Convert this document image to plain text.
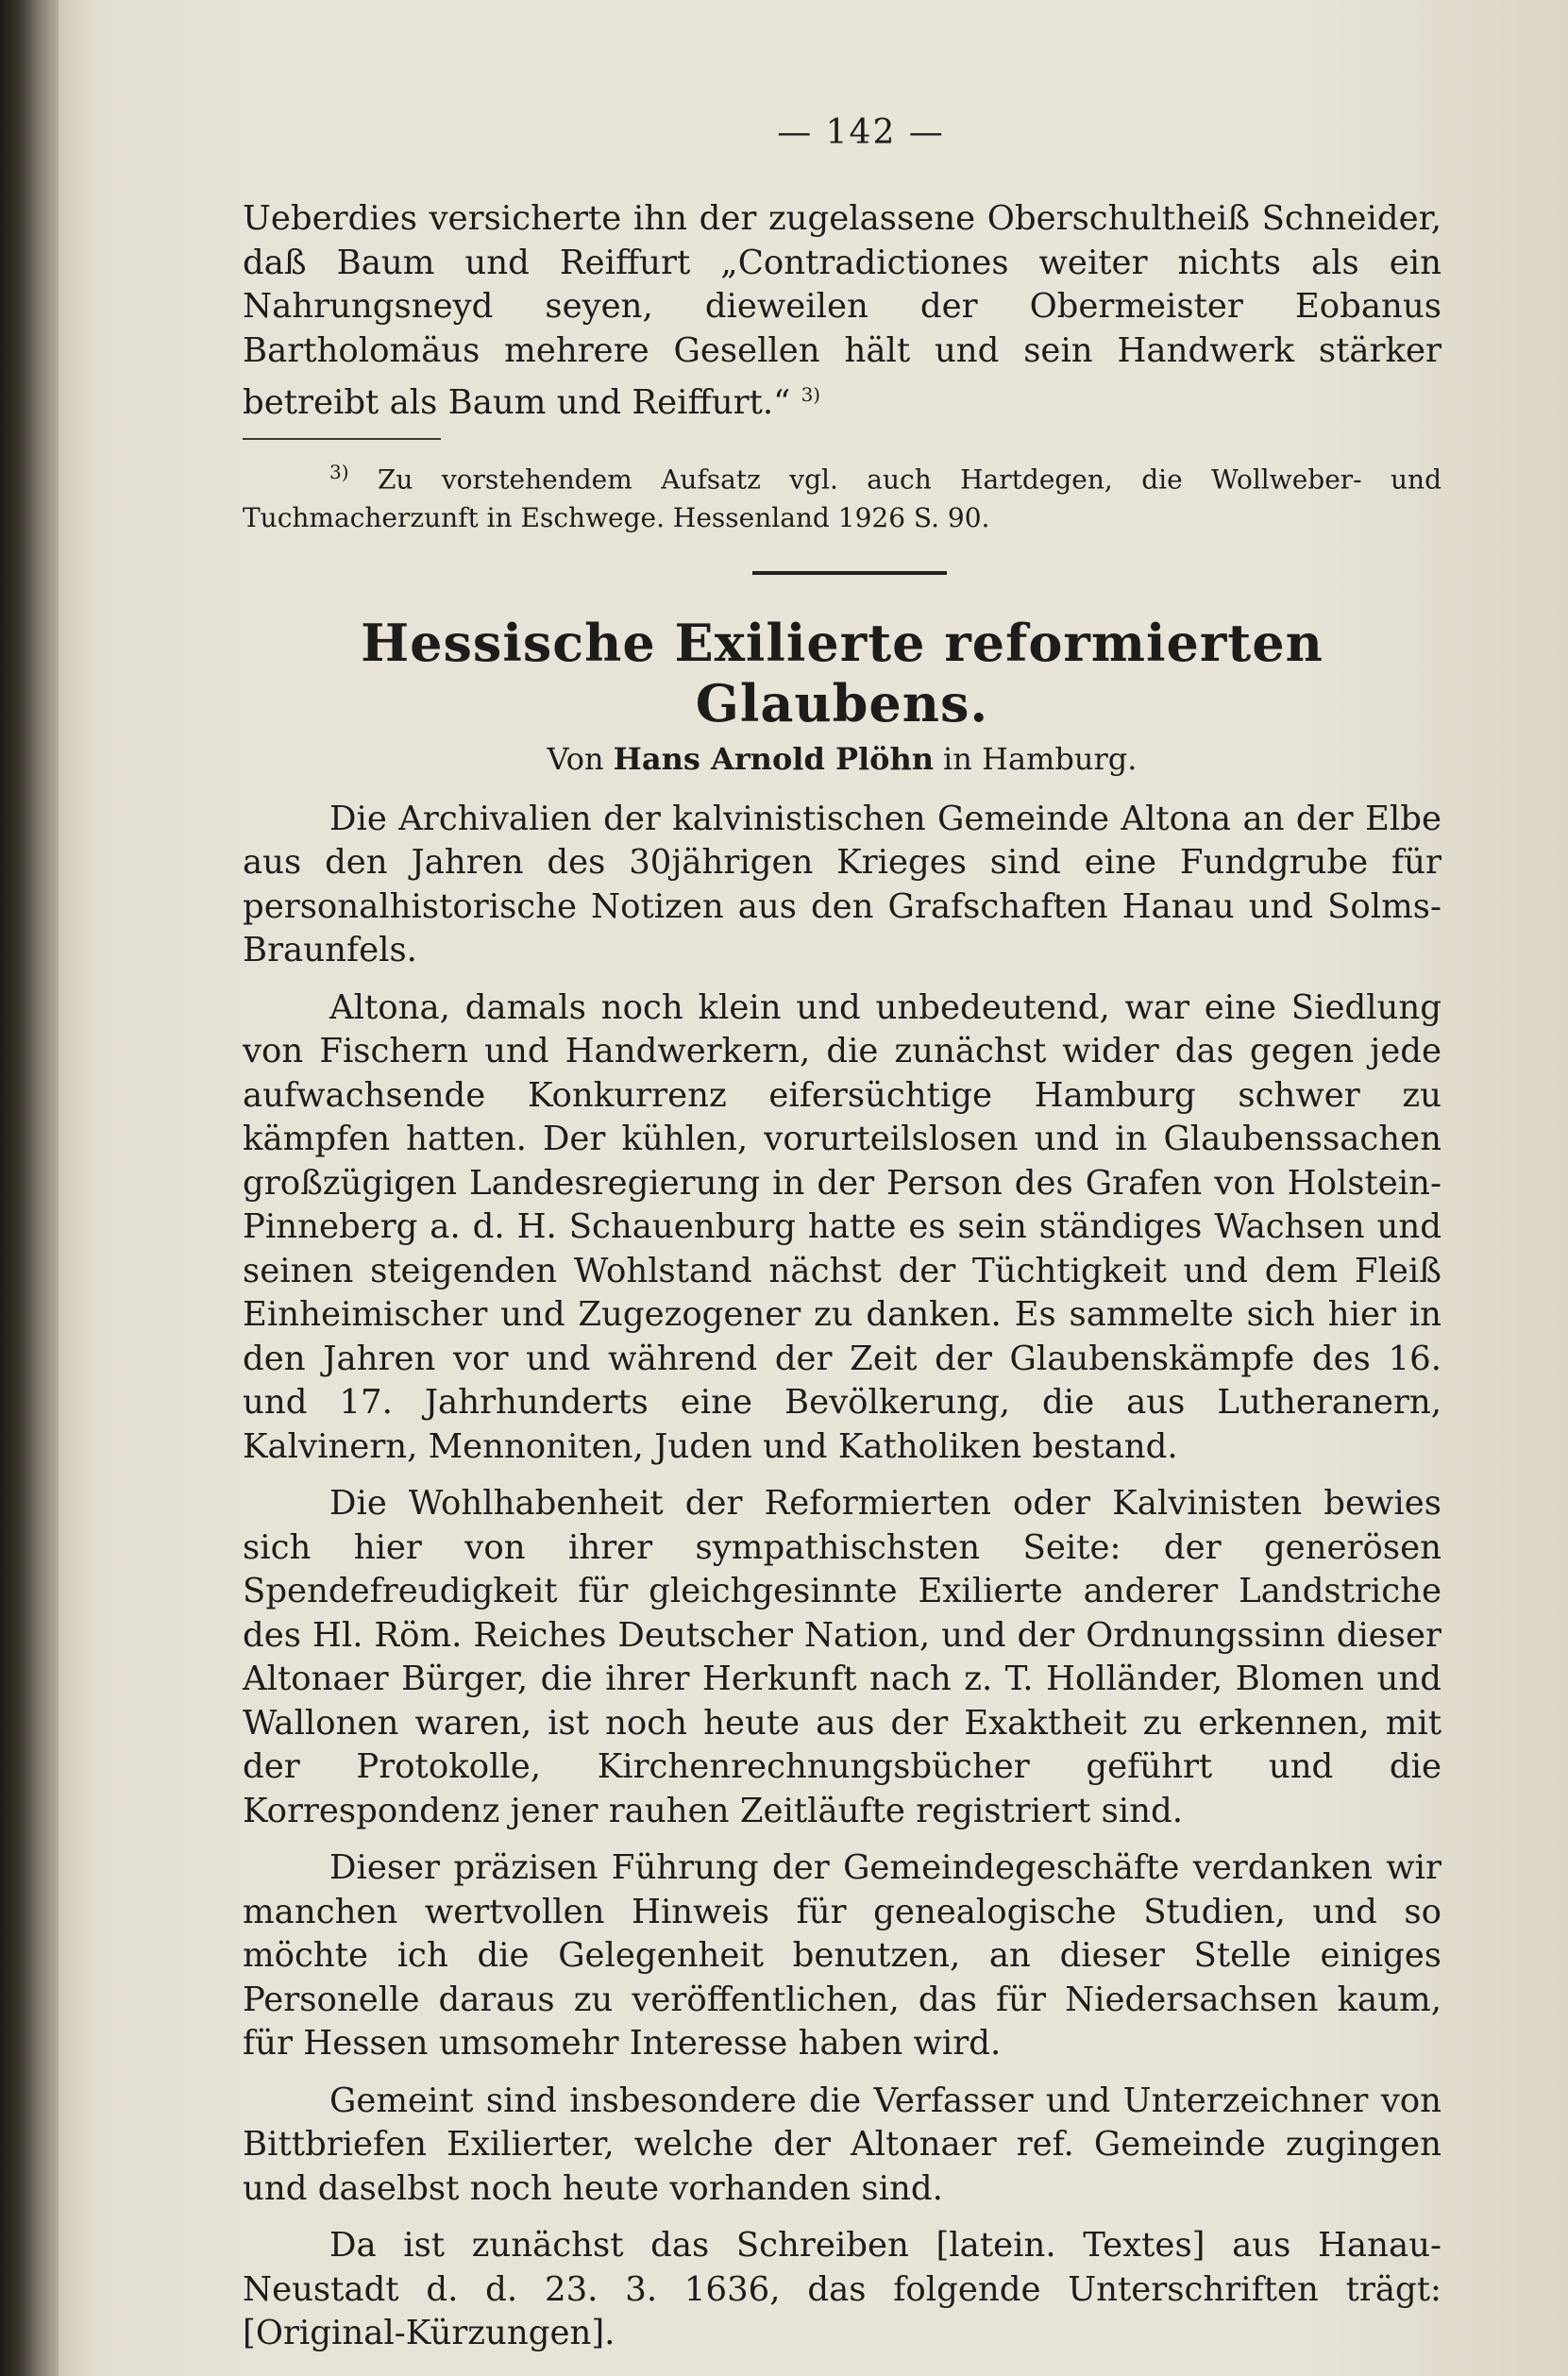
— 142 —

Ueberdies versicherte ihn der zugelassene Oberschultheiß Schneider, daß Baum und Reiffurt „Contradictiones weiter nichts als ein Nahrungsneyd seyen, dieweilen der Obermeister Eobanus Bartholomäus mehrere Gesellen hält und sein Handwerk stärker betreibt als Baum und Reiffurt.“ $^{3)}$

$^{3)}$ Zu vorstehendem Aufsatz vgl. auch Hartdegen, die Wollweber- und Tuchmacherzunft in Eschwege. Hessenland 1926 S. 90.

Hessische Exilierte reformierten Glaubens.
Von Hans Arnold Plöhn in Hamburg.

Die Archivalien der kalvinistischen Gemeinde Altona an der Elbe aus den Jahren des 30jährigen Krieges sind eine Fundgrube für personalhistorische Notizen aus den Grafschaften Hanau und Solms-Braunfels.

Altona, damals noch klein und unbedeutend, war eine Siedlung von Fischern und Handwerkern, die zunächst wider das gegen jede aufwachsende Konkurrenz eifersüchtige Hamburg schwer zu kämpfen hatten. Der kühlen, vorurteilslosen und in Glaubenssachen großzügigen Landesregierung in der Person des Grafen von Holstein-Pinneberg a. d. H. Schauenburg hatte es sein ständiges Wachsen und seinen steigenden Wohlstand nächst der Tüchtigkeit und dem Fleiß Einheimischer und Zugezogener zu danken. Es sammelte sich hier in den Jahren vor und während der Zeit der Glaubenskämpfe des 16. und 17. Jahrhunderts eine Bevölkerung, die aus Lutheranern, Kalvinern, Mennoniten, Juden und Katholiken bestand.

Die Wohlhabenheit der Reformierten oder Kalvinisten bewies sich hier von ihrer sympathischsten Seite: der generösen Spendefreudigkeit für gleichgesinnte Exilierte anderer Landstriche des Hl. Röm. Reiches Deutscher Nation, und der Ordnungssinn dieser Altonaer Bürger, die ihrer Herkunft nach z. T. Holländer, Blomen und Wallonen waren, ist noch heute aus der Exaktheit zu erkennen, mit der Protokolle, Kirchenrechnungsbücher geführt und die Korrespondenz jener rauhen Zeitläufte registriert sind.

Dieser präzisen Führung der Gemeindegeschäfte verdanken wir manchen wertvollen Hinweis für genealogische Studien, und so möchte ich die Gelegenheit benutzen, an dieser Stelle einiges Personelle daraus zu veröffentlichen, das für Niedersachsen kaum, für Hessen umsomehr Interesse haben wird.

Gemeint sind insbesondere die Verfasser und Unterzeichner von Bittbriefen Exilierter, welche der Altonaer ref. Gemeinde zugingen und daselbst noch heute vorhanden sind.

Da ist zunächst das Schreiben [latein. Textes] aus Hanau-Neustadt d. d. 23. 3. 1636, das folgende Unterschriften trägt: [Original-Kürzungen].
